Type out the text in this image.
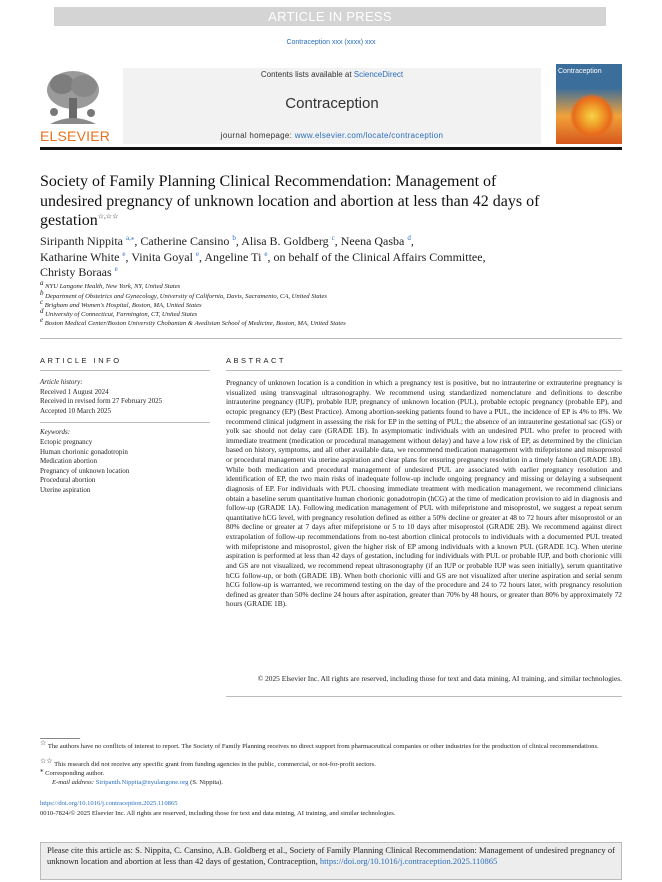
ARTICLE IN PRESS
Contraception xxx (xxxx) xxx
ELSEVIER
Contents lists available at ScienceDirect
Contraception
journal homepage: www.elsevier.com/locate/contraception
Contraception
Society of Family Planning Clinical Recommendation: Management of undesired pregnancy of unknown location and abortion at less than 42 days of gestation☆,☆☆
Siripanth Nippita $^{a,⁎}$, Catherine Cansino $^b$, Alisa B. Goldberg $^c$, Neena Qasba $^d$,
Katharine White $^e$, Vinita Goyal $^e$, Angeline Ti $^e$, on behalf of the Clinical Affairs Committee,
Christy Boraas $^e$
$^a$ NYU Langone Health, New York, NY, United States
$^b$ Department of Obstetrics and Gynecology, University of California, Davis, Sacramento, CA, United States
$^c$ Brigham and Women's Hospital, Boston, MA, United States
$^d$ University of Connecticut, Farmington, CT, United States
$^e$ Boston Medical Center/Boston University Chobanian & Avedisian School of Medicine, Boston, MA, United States
ARTICLE INFO	ABSTRACT
Article history:
Received 1 August 2024
Received in revised form 27 February 2025
Accepted 10 March 2025
Keywords:
Ectopic pregnancy
Human chorionic gonadotropin
Medication abortion
Pregnancy of unknown location
Procedural abortion
Uterine aspiration
Pregnancy of unknown location is a condition in which a pregnancy test is positive, but no intrauterine or extrauterine pregnancy is visualized using transvaginal ultrasonography. We recommend using standardized nomenclature and definitions to describe intrauterine pregnancy (IUP), probable IUP, pregnancy of unknown location (PUL), probable ectopic pregnancy (probable EP), and ectopic pregnancy (EP) (Best Practice). Among abortion-seeking patients found to have a PUL, the incidence of EP is 4% to 8%. We recommend clinical judgment in assessing the risk for EP in the setting of PUL; the absence of an intrauterine gestational sac (GS) or yolk sac should not delay care (GRADE 1B). In asymptomatic individuals with an undesired PUL who prefer to proceed with immediate treatment (medication or procedural management without delay) and have a low risk of EP, as determined by the clinician based on history, symptoms, and all other available data, we recommend medication management with mifepristone and misoprostol or procedural management via uterine aspiration and clear plans for ensuring pregnancy resolution in a timely fashion (GRADE 1B). While both medication and procedural management of undesired PUL are associated with earlier pregnancy resolution and identification of EP, the two main risks of inadequate follow-up include ongoing pregnancy and missing or delaying a subsequent diagnosis of EP. For individuals with PUL choosing immediate treatment with medication management, we recommend clinicians obtain a baseline serum quantitative human chorionic gonadotropin (hCG) at the time of medication provision to aid in diagnosis and follow-up (GRADE 1A). Following medication management of PUL with mifepristone and misoprostol, we suggest a repeat serum quantitative hCG level, with pregnancy resolution defined as either a 50% decline or greater at 48 to 72 hours after misoprostol or an 80% decline or greater at 7 days after mifepristone or 5 to 10 days after misoprostol (GRADE 2B). We recommend against direct extrapolation of follow-up recommendations from no-test abortion clinical protocols to individuals with a documented PUL treated with mifepristone and misoprostol, given the higher risk of EP among individuals with a known PUL (GRADE 1C). When uterine aspiration is performed at less than 42 days of gestation, including for individuals with PUL or probable IUP, and both chorionic villi and GS are not visualized, we recommend repeat ultrasonography (if an IUP or probable IUP was seen initially), serum quantitative hCG follow-up, or both (GRADE 1B). When both chorionic villi and GS are not visualized after uterine aspiration and serial serum hCG follow-up is warranted, we recommend testing on the day of the procedure and 24 to 72 hours later, with pregnancy resolution defined as greater than 50% decline 24 hours after aspiration, greater than 70% by 48 hours, or greater than 80% by approximately 72 hours (GRADE 1B).
© 2025 Elsevier Inc. All rights are reserved, including those for text and data mining, AI training, and similar technologies.
☆ The authors have no conflicts of interest to report. The Society of Family Planning receives no direct support from pharmaceutical companies or other industries for the production of clinical recommendations.
☆☆ This research did not receive any specific grant from funding agencies in the public, commercial, or not-for-profit sectors.
⁎ Corresponding author.
E-mail address: Siripanth.Nippita@nyulangone.org (S. Nippita).
https://doi.org/10.1016/j.contraception.2025.110865
0010-7824/© 2025 Elsevier Inc. All rights are reserved, including those for text and data mining, AI training, and similar technologies.
Please cite this article as: S. Nippita, C. Cansino, A.B. Goldberg et al., Society of Family Planning Clinical Recommendation: Management of undesired pregnancy of unknown location and abortion at less than 42 days of gestation, Contraception, https://doi.org/10.1016/j.contraception.2025.110865
